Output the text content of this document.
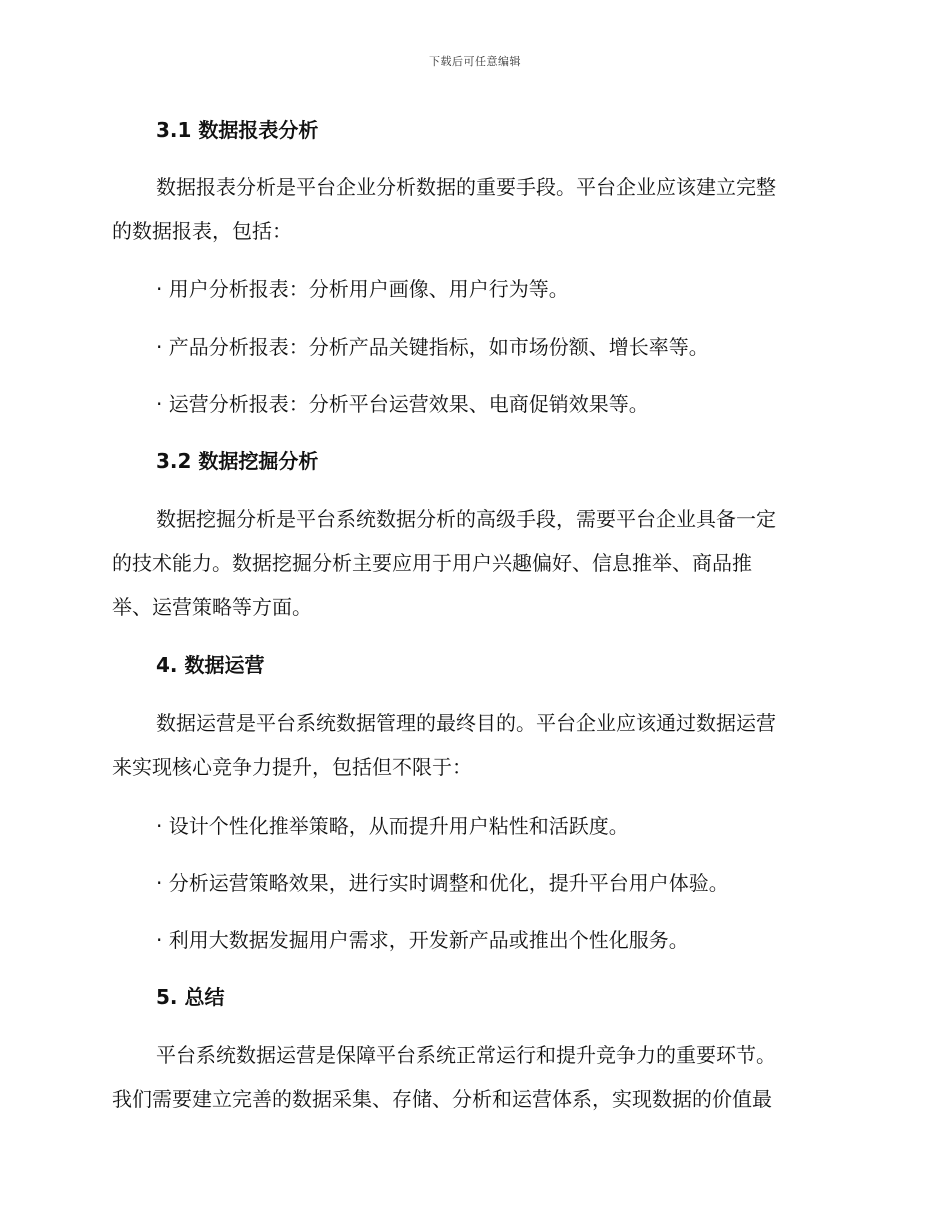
下载后可任意编辑
3.1 数据报表分析
数据报表分析是平台企业分析数据的重要手段。平台企业应该建立完整
的数据报表，包括：
· 用户分析报表：分析用户画像、用户行为等。
· 产品分析报表：分析产品关键指标，如市场份额、增长率等。
· 运营分析报表：分析平台运营效果、电商促销效果等。
3.2 数据挖掘分析
数据挖掘分析是平台系统数据分析的高级手段，需要平台企业具备一定
的技术能力。数据挖掘分析主要应用于用户兴趣偏好、信息推举、商品推
举、运营策略等方面。
4. 数据运营
数据运营是平台系统数据管理的最终目的。平台企业应该通过数据运营
来实现核心竞争力提升，包括但不限于：
· 设计个性化推举策略，从而提升用户粘性和活跃度。
· 分析运营策略效果，进行实时调整和优化，提升平台用户体验。
· 利用大数据发掘用户需求，开发新产品或推出个性化服务。
5. 总结
平台系统数据运营是保障平台系统正常运行和提升竞争力的重要环节。
我们需要建立完善的数据采集、存储、分析和运营体系，实现数据的价值最
